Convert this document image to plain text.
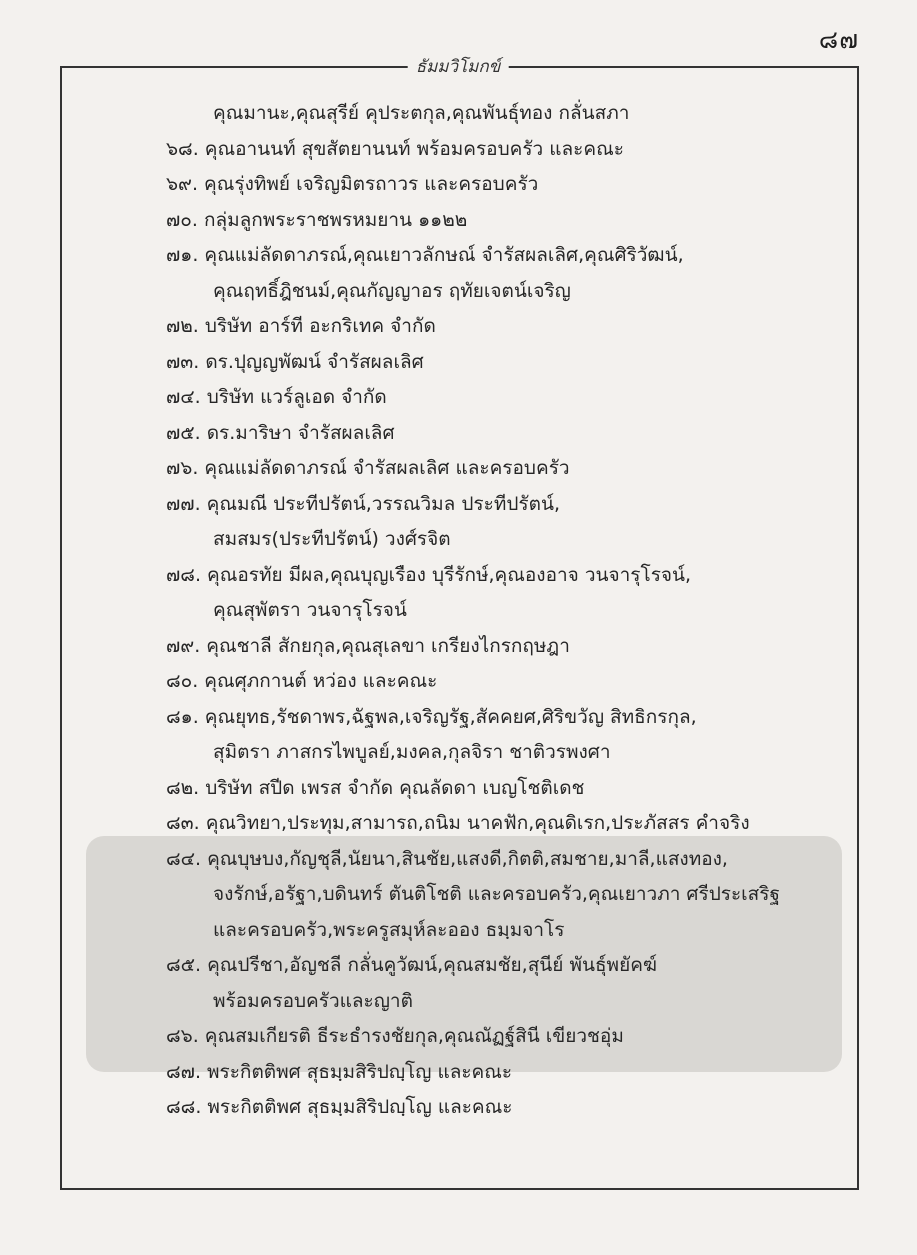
๘๗
คุณมานะ,คุณสุรีย์ คุประตกุล,คุณพันธุ์ทอง กลั่นสภา
๖๘. คุณอานนท์ สุขสัตยานนท์ พร้อมครอบครัว และคณะ
๖๙. คุณรุ่งทิพย์ เจริญมิตรถาวร และครอบครัว
๗๐. กลุ่มลูกพระราชพรหมยาน ๑๑๒๒
๗๑. คุณแม่ลัดดาภรณ์,คุณเยาวลักษณ์ จำรัสผลเลิศ,คุณศิริวัฒน์,
คุณฤทธิ์ฎิชนม์,คุณกัญญาอร ฤทัยเจตน์เจริญ
๗๒. บริษัท อาร์ที อะกริเทค จำกัด
๗๓. ดร.ปุญญพัฒน์ จำรัสผลเลิศ
๗๔. บริษัท แวร์ลูเอด จำกัด
๗๕. ดร.มาริษา จำรัสผลเลิศ
๗๖. คุณแม่ลัดดาภรณ์ จำรัสผลเลิศ และครอบครัว
๗๗. คุณมณี ประทีปรัตน์,วรรณวิมล ประทีปรัตน์,
สมสมร(ประทีปรัตน์) วงศ์รจิต
๗๘. คุณอรทัย มีผล,คุณบุญเรือง บุรีรักษ์,คุณองอาจ วนจารุโรจน์,
คุณสุพัตรา วนจารุโรจน์
๗๙. คุณชาลี สักยกุล,คุณสุเลขา เกรียงไกรกฤษฎา
๘๐. คุณศุภกานต์ หว่อง และคณะ
๘๑. คุณยุทธ,รัชดาพร,ฉัฐพล,เจริญรัฐ,สัคคยศ,ศิริขวัญ สิทธิกรกุล,
สุมิตรา ภาสกรไพบูลย์,มงคล,กุลจิรา ชาติวรพงศา
๘๒. บริษัท สปีด เพรส จำกัด คุณลัดดา เบญโชติเดช
๘๓. คุณวิทยา,ประทุม,สามารถ,ถนิม นาคฟัก,คุณดิเรก,ประภัสสร คำจริง
๘๔. คุณบุษบง,กัญชุลี,นัยนา,สินชัย,แสงดี,กิตติ,สมชาย,มาลี,แสงทอง,
จงรักษ์,อรัฐา,บดินทร์ ตันติโชติ และครอบครัว,คุณเยาวภา ศรีประเสริฐ
และครอบครัว,พระครูสมุห์ละออง ธมฺมจาโร
๘๕. คุณปรีชา,อัญชลี กลั่นคูวัฒน์,คุณสมชัย,สุนีย์ พันธุ์พยัคฆ์
พร้อมครอบครัวและญาติ
๘๖. คุณสมเกียรติ ธีระธำรงชัยกุล,คุณณัฏฐ์สินี เขียวชอุ่ม
๘๗. พระกิตติพศ สุธมฺมสิริปญฺโญ และคณะ
๘๘. พระกิตติพศ สุธมฺมสิริปญฺโญ และคณะ
ธัมมวิโมกข์
